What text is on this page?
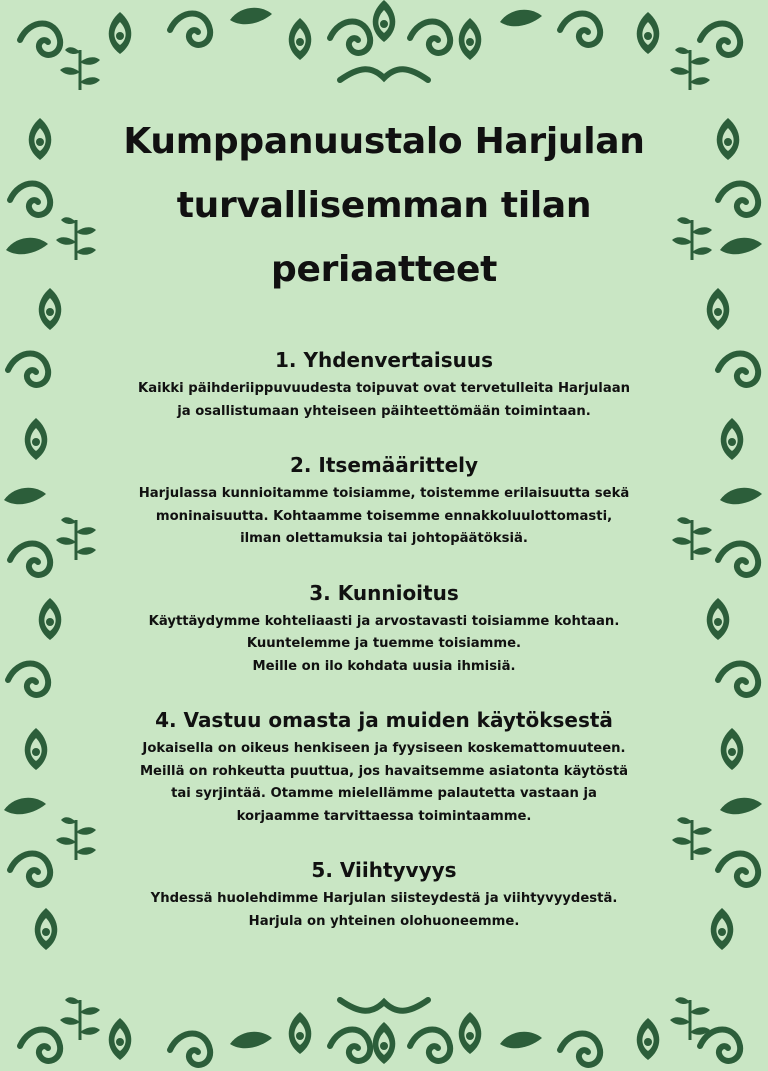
Kumppanuustalo Harjulan
turvallisemman tilan
periaatteet
1. Yhdenvertaisuus

Kaikki päihderiippuvuudesta toipuvat ovat tervetulleita Harjulaan

ja osallistumaan yhteiseen päihteettömään toimintaan.

2. Itsemäärittely

Harjulassa kunnioitamme toisiamme, toistemme erilaisuutta sekä

moninaisuutta. Kohtaamme toisemme ennakkoluulottomasti,

ilman olettamuksia tai johtopäätöksiä.

3. Kunnioitus

Käyttäydymme kohteliaasti ja arvostavasti toisiamme kohtaan.

Kuuntelemme ja tuemme toisiamme.

Meille on ilo kohdata uusia ihmisiä.

4. Vastuu omasta ja muiden käytöksestä

Jokaisella on oikeus henkiseen ja fyysiseen koskemattomuuteen.

Meillä on rohkeutta puuttua, jos havaitsemme asiatonta käytöstä

tai syrjintää. Otamme mielellämme palautetta vastaan ja

korjaamme tarvittaessa toimintaamme.

5. Viihtyvyys

Yhdessä huolehdimme Harjulan siisteydestä ja viihtyvyydestä.

Harjula on yhteinen olohuoneemme.
